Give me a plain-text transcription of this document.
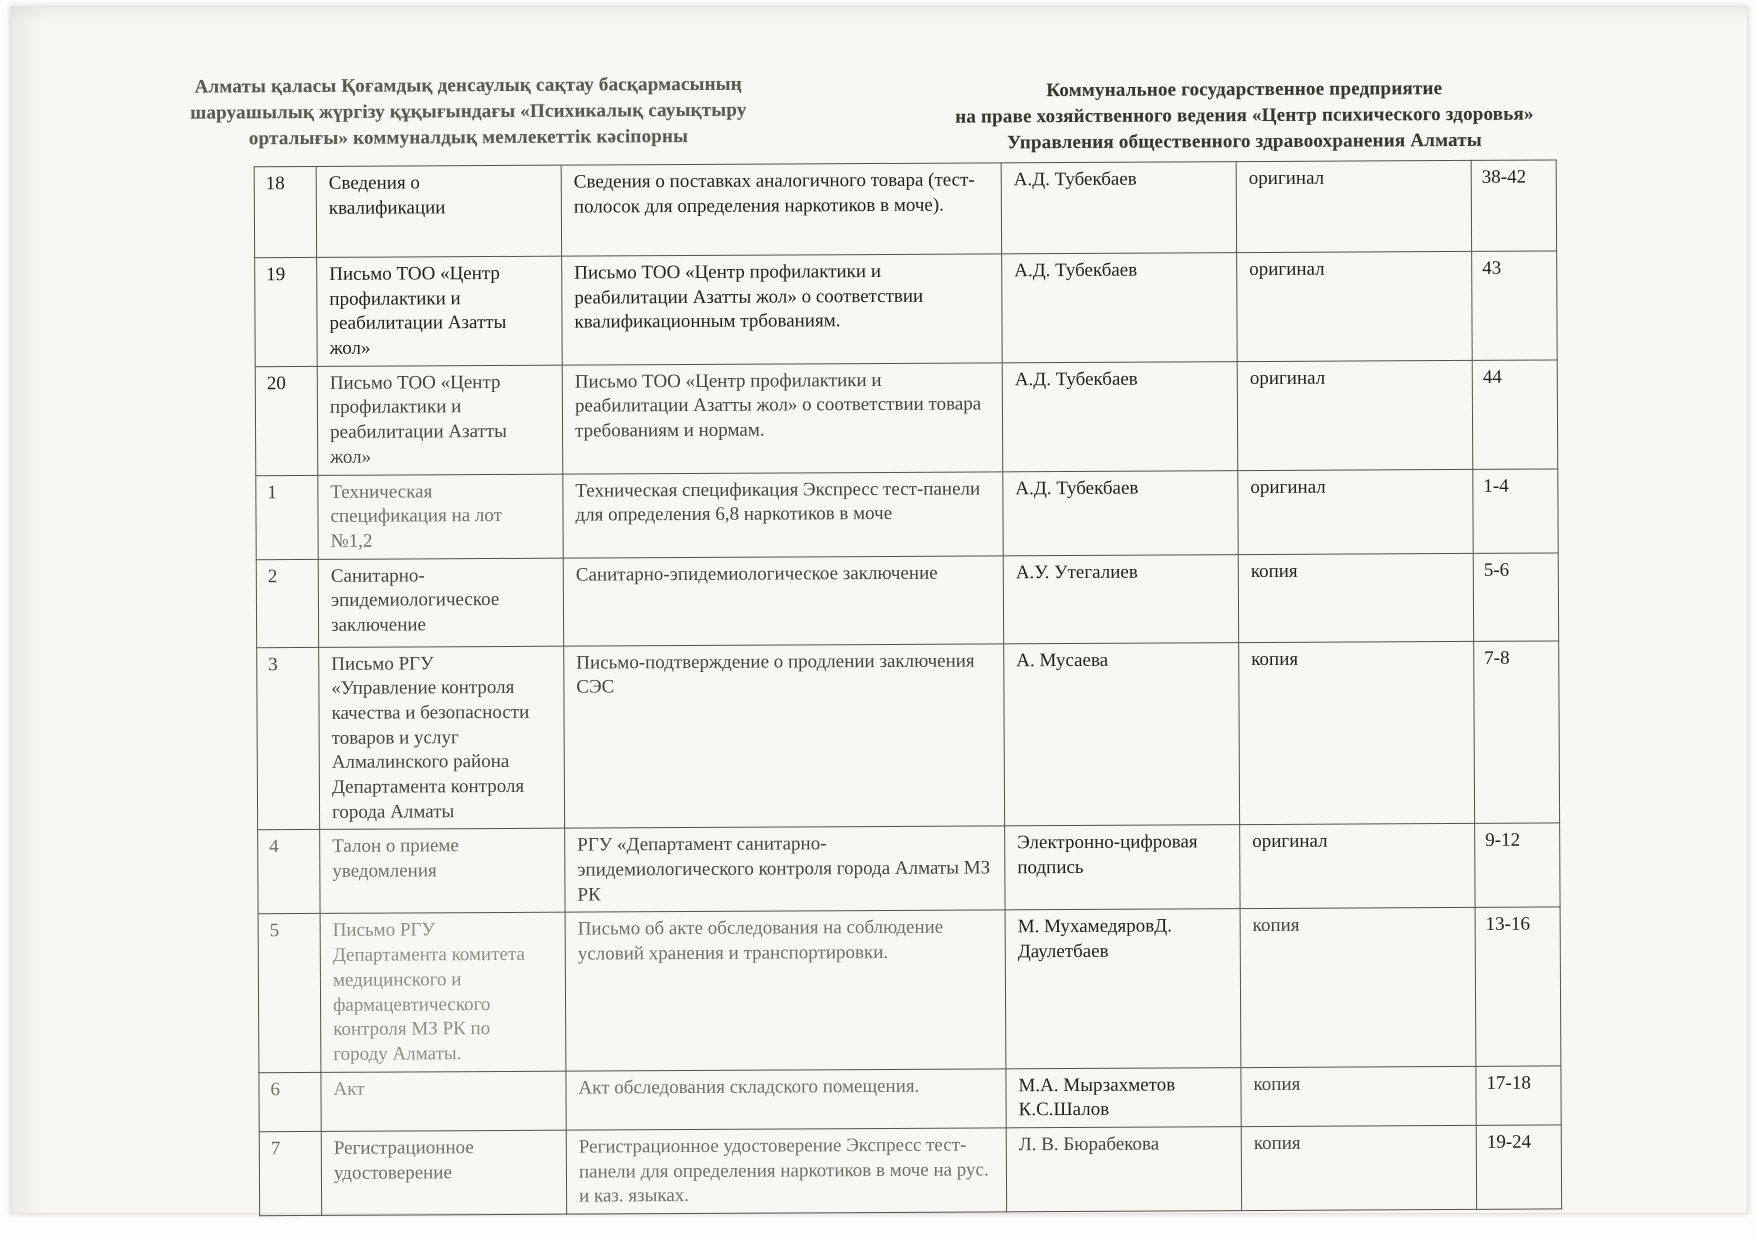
Алматы қаласы Қоғамдық денсаулық сақтау басқармасының
шаруашылық жүргізу құқығындағы «Психикалық сауықтыру
орталығы» коммуналдық мемлекеттік кәсіпорны
Коммунальное государственное предприятие
на праве хозяйственного ведения «Центр психического здоровья»
Управления общественного здравоохранения Алматы
18	Сведения о квалификации	Сведения о поставках аналогичного товара (тест-полосок для определения наркотиков в моче).	А.Д. Тубекбаев	оригинал	38-42
19	Письмо ТОО «Центр профилактики и реабилитации Азатты жол»	Письмо ТОО «Центр профилактики и реабилитации Азатты жол» о соответствии квалификационным трбованиям.	А.Д. Тубекбаев	оригинал	43
20	Письмо ТОО «Центр профилактики и реабилитации Азатты жол»	Письмо ТОО «Центр профилактики и реабилитации Азатты жол» о соответствии товара требованиям и нормам.	А.Д. Тубекбаев	оригинал	44
1	Техническая спецификация на лот №1,2	Техническая спецификация Экспресс тест-панели для определения 6,8 наркотиков в моче	А.Д. Тубекбаев	оригинал	1-4
2	Санитарно-эпидемиологическое заключение	Санитарно-эпидемиологическое заключение	А.У. Утегалиев	копия	5-6
3	Письмо РГУ «Управление контроля качества и безопасности товаров и услуг Алмалинского района Департамента контроля города Алматы	Письмо-подтверждение о продлении заключения СЭС	А. Мусаева	копия	7-8
4	Талон о приеме уведомления	РГУ «Департамент санитарно-эпидемиологического контроля города Алматы МЗ РК	Электронно-цифровая подпись	оригинал	9-12
5	Письмо РГУ Департамента комитета медицинского и фармацевтического контроля МЗ РК по городу Алматы.	Письмо об акте обследования на соблюдение условий хранения и транспортировки.	М. МухамедяровД. Даулетбаев	копия	13-16
6	Акт	Акт обследования складского помещения.	М.А. Мырзахметов К.С.Шалов	копия	17-18
7	Регистрационное удостоверение	Регистрационное удостоверение Экспресс тест-панели для определения наркотиков в моче на рус. и каз. языках.	Л. В. Бюрабекова	копия	19-24
